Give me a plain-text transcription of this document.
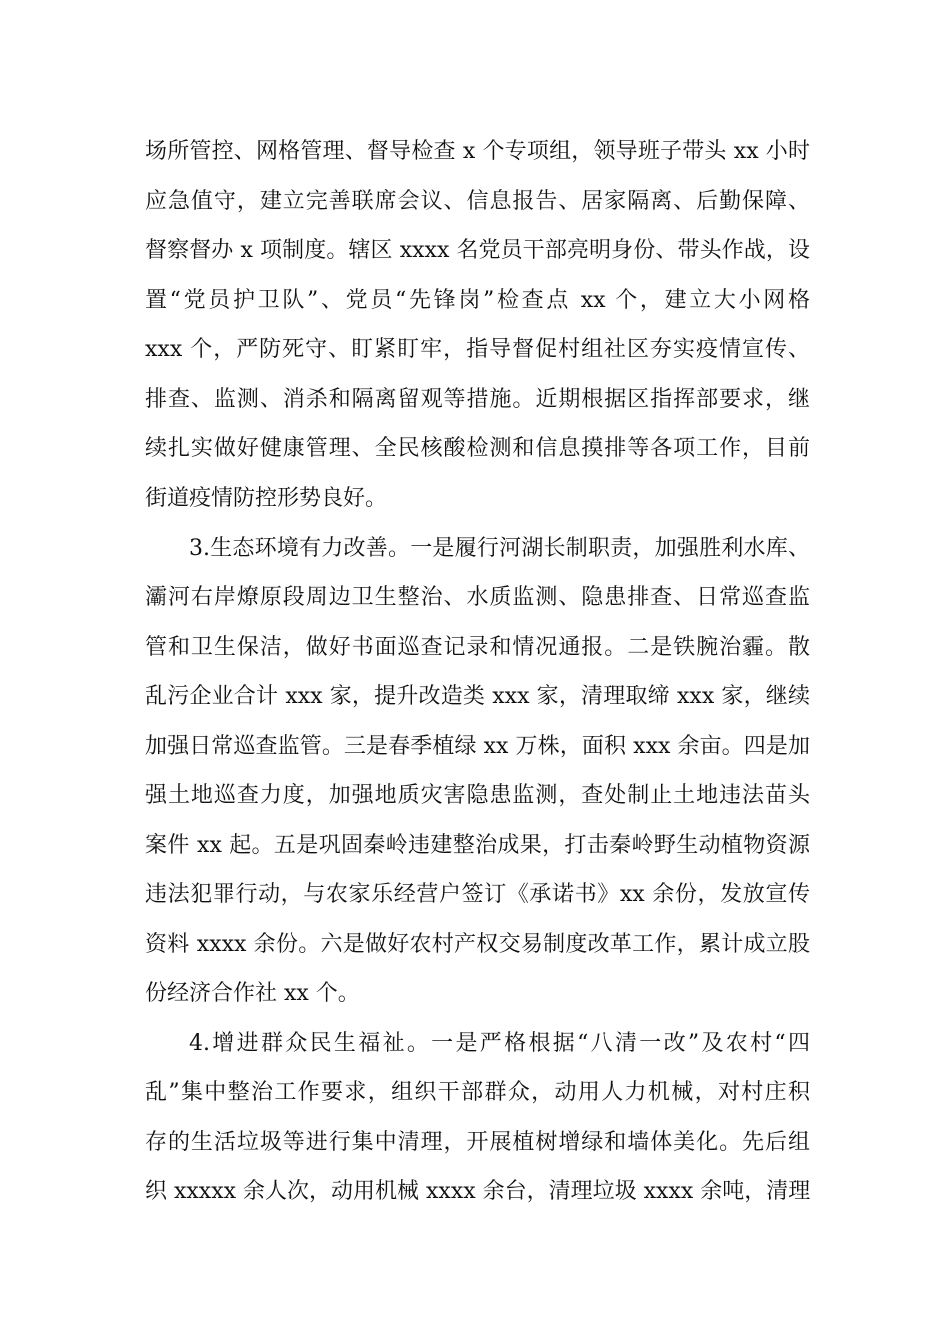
场所管控、网格管理、督导检查 x 个专项组，领导班子带头 xx 小时
应急值守，建立完善联席会议、信息报告、居家隔离、后勤保障、
督察督办 x 项制度。辖区 xxxx 名党员干部亮明身份、带头作战，设
置“党员护卫队”、党员“先锋岗”检查点 xx 个，建立大小网格
xxx 个，严防死守、盯紧盯牢，指导督促村组社区夯实疫情宣传、
排查、监测、消杀和隔离留观等措施。近期根据区指挥部要求，继
续扎实做好健康管理、全民核酸检测和信息摸排等各项工作，目前
街道疫情防控形势良好。
3.生态环境有力改善。一是履行河湖长制职责，加强胜利水库、
灞河右岸燎原段周边卫生整治、水质监测、隐患排查、日常巡查监
管和卫生保洁，做好书面巡查记录和情况通报。二是铁腕治霾。散
乱污企业合计 xxx 家，提升改造类 xxx 家，清理取缔 xxx 家，继续
加强日常巡查监管。三是春季植绿 xx 万株，面积 xxx 余亩。四是加
强土地巡查力度，加强地质灾害隐患监测，查处制止土地违法苗头
案件 xx 起。五是巩固秦岭违建整治成果，打击秦岭野生动植物资源
违法犯罪行动，与农家乐经营户签订《承诺书》xx 余份，发放宣传
资料 xxxx 余份。六是做好农村产权交易制度改革工作，累计成立股
份经济合作社 xx 个。
4.增进群众民生福祉。一是严格根据“八清一改”及农村“四
乱”集中整治工作要求，组织干部群众，动用人力机械，对村庄积
存的生活垃圾等进行集中清理，开展植树增绿和墙体美化。先后组
织 xxxxx 余人次，动用机械 xxxx 余台，清理垃圾 xxxx 余吨，清理
